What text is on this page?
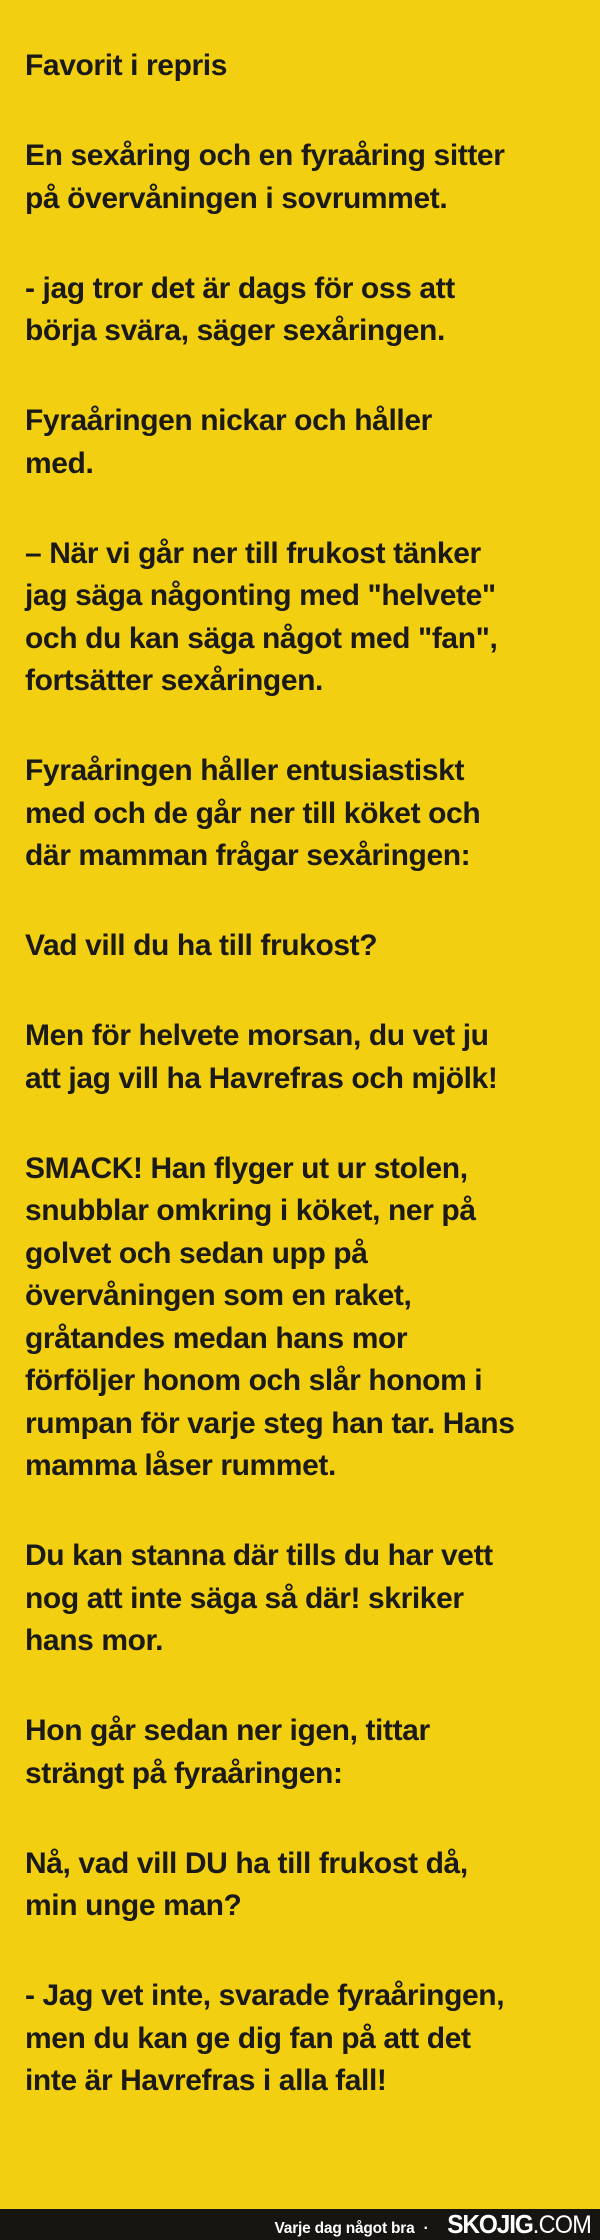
Favorit i repris

En sexåring och en fyraåring sitter
på övervåningen i sovrummet.

- jag tror det är dags för oss att
börja svära, säger sexåringen.

Fyraåringen nickar och håller
med.

– När vi går ner till frukost tänker
jag säga någonting med "helvete"
och du kan säga något med "fan",
fortsätter sexåringen.

Fyraåringen håller entusiastiskt
med och de går ner till köket och
där mamman frågar sexåringen:

Vad vill du ha till frukost?

Men för helvete morsan, du vet ju
att jag vill ha Havrefras och mjölk!

SMACK! Han flyger ut ur stolen,
snubblar omkring i köket, ner på
golvet och sedan upp på
övervåningen som en raket,
gråtandes medan hans mor
förföljer honom och slår honom i
rumpan för varje steg han tar. Hans
mamma låser rummet.

Du kan stanna där tills du har vett
nog att inte säga så där! skriker
hans mor.

Hon går sedan ner igen, tittar
strängt på fyraåringen:

Nå, vad vill DU ha till frukost då,
min unge man?

- Jag vet inte, svarade fyraåringen,
men du kan ge dig fan på att det
inte är Havrefras i alla fall!

Varje dag något bra · SKOJIG .COM
